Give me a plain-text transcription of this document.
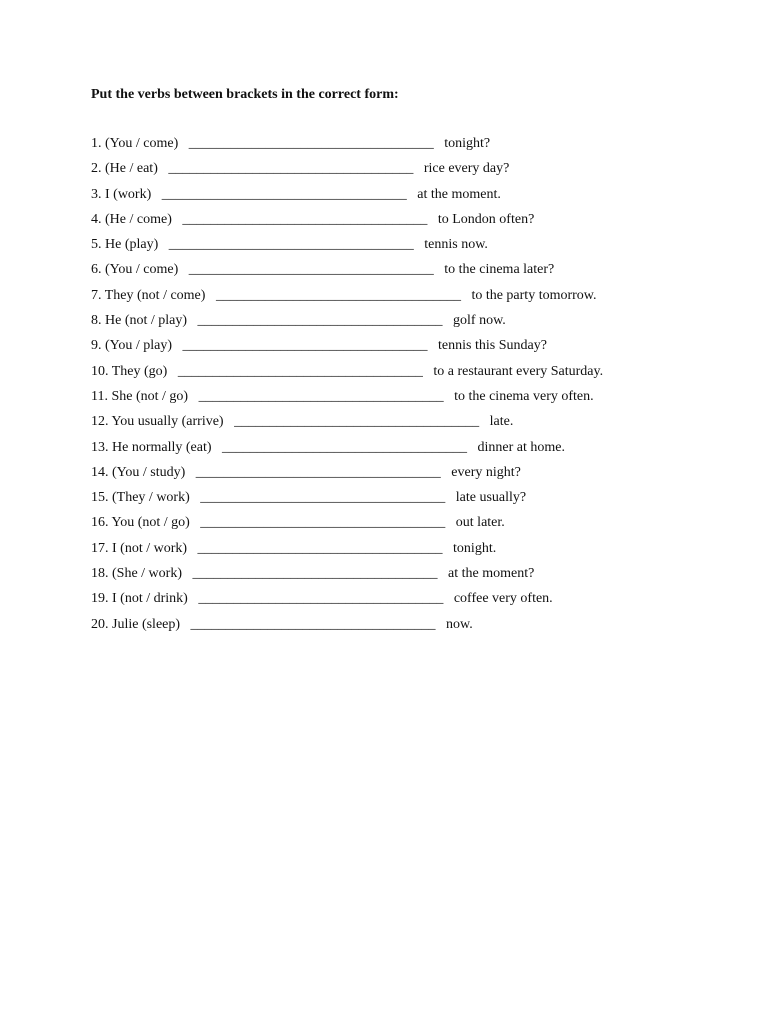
Put the verbs between brackets in the correct form:
1. (You / come) ___________________________________ tonight?
2. (He / eat) ___________________________________ rice every day?
3. I (work) ___________________________________ at the moment.
4. (He / come) ___________________________________ to London often?
5. He (play) ___________________________________ tennis now.
6. (You / come) ___________________________________ to the cinema later?
7. They (not / come) ___________________________________ to the party tomorrow.
8. He (not / play) ___________________________________ golf now.
9. (You / play) ___________________________________ tennis this Sunday?
10. They (go) ___________________________________ to a restaurant every Saturday.
11. She (not / go) ___________________________________ to the cinema very often.
12. You usually (arrive) ___________________________________ late.
13. He normally (eat) ___________________________________ dinner at home.
14. (You / study) ___________________________________ every night?
15. (They / work) ___________________________________ late usually?
16. You (not / go) ___________________________________ out later.
17. I (not / work) ___________________________________ tonight.
18. (She / work) ___________________________________ at the moment?
19. I (not / drink) ___________________________________ coffee very often.
20. Julie (sleep) ___________________________________ now.
